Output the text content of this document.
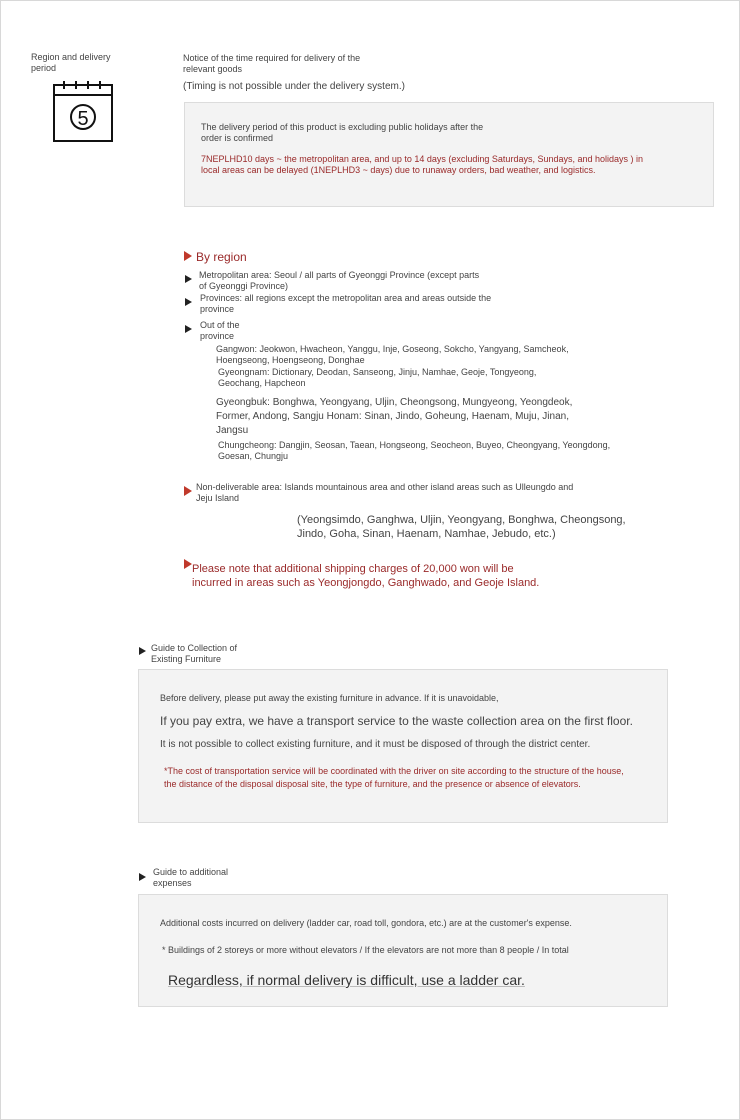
Region and delivery period
5
Notice of the time required for delivery of the relevant goods
(Timing is not possible under the delivery system.)
The delivery period of this product is excluding public holidays after the order is confirmed
7NEPLHD10 days ~ the metropolitan area, and up to 14 days (excluding Saturdays, Sundays, and holidays ) in local areas can be delayed (1NEPLHD3 ~ days) due to runaway orders, bad weather, and logistics.
By region
Metropolitan area: Seoul / all parts of Gyeonggi Province (except parts of Gyeonggi Province)
Provinces: all regions except the metropolitan area and areas outside the province
Out of the province
Gangwon: Jeokwon, Hwacheon, Yanggu, Inje, Goseong, Sokcho, Yangyang, Samcheok, Hoengseong, Hoengseong, Donghae
Gyeongnam: Dictionary, Deodan, Sanseong, Jinju, Namhae, Geoje, Tongyeong, Geochang, Hapcheon
Gyeongbuk: Bonghwa, Yeongyang, Uljin, Cheongsong, Mungyeong, Yeongdeok, Former, Andong, Sangju Honam: Sinan, Jindo, Goheung, Haenam, Muju, Jinan, Jangsu
Chungcheong: Dangjin, Seosan, Taean, Hongseong, Seocheon, Buyeo, Cheongyang, Yeongdong, Goesan, Chungju
Non-deliverable area: Islands mountainous area and other island areas such as Ulleungdo and Jeju Island
(Yeongsimdo, Ganghwa, Uljin, Yeongyang, Bonghwa, Cheongsong, Jindo, Goha, Sinan, Haenam, Namhae, Jebudo, etc.)
Please note that additional shipping charges of 20,000 won will be incurred in areas such as Yeongjongdo, Ganghwado, and Geoje Island.
Guide to Collection of Existing Furniture
Before delivery, please put away the existing furniture in advance. If it is unavoidable,
If you pay extra, we have a transport service to the waste collection area on the first floor.
It is not possible to collect existing furniture, and it must be disposed of through the district center.
*The cost of transportation service will be coordinated with the driver on site according to the structure of the house, the distance of the disposal disposal site, the type of furniture, and the presence or absence of elevators.
Guide to additional expenses
Additional costs incurred on delivery (ladder car, road toll, gondora, etc.) are at the customer's expense.
* Buildings of 2 storeys or more without elevators / If the elevators are not more than 8 people / In total
Regardless, if normal delivery is difficult, use a ladder car.
